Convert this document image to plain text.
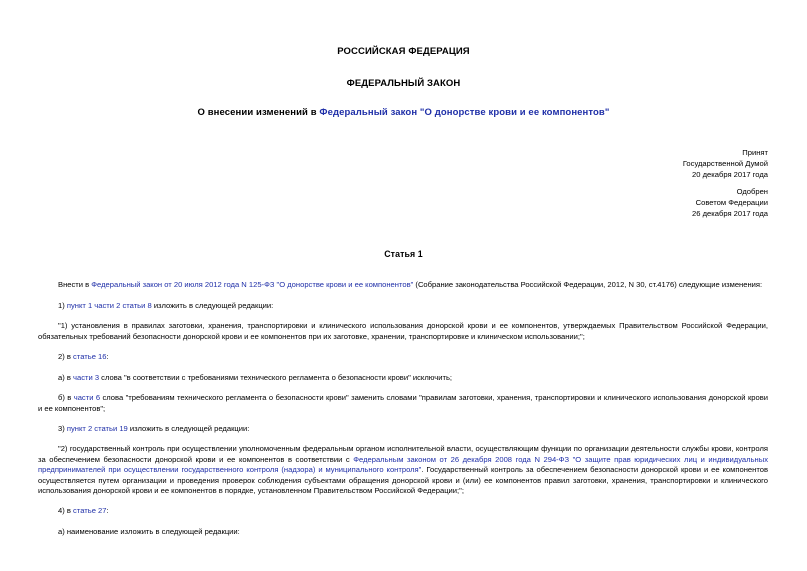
РОССИЙСКАЯ ФЕДЕРАЦИЯ
ФЕДЕРАЛЬНЫЙ ЗАКОН
О внесении изменений в Федеральный закон "О донорстве крови и ее компонентов"
Принят
Государственной Думой
20 декабря 2017 года
Одобрен
Советом Федерации
26 декабря 2017 года
Статья 1
Внести в Федеральный закон от 20 июля 2012 года N 125-ФЗ "О донорстве крови и ее компонентов" (Собрание законодательства Российской Федерации, 2012, N 30, ст.4176) следующие изменения:
1) пункт 1 части 2 статьи 8 изложить в следующей редакции:
"1) установления в правилах заготовки, хранения, транспортировки и клинического использования донорской крови и ее компонентов, утверждаемых Правительством Российской Федерации, обязательных требований безопасности донорской крови и ее компонентов при их заготовке, хранении, транспортировке и клиническом использовании;";
2) в статье 16:
а) в части 3 слова "в соответствии с требованиями технического регламента о безопасности крови" исключить;
б) в части 6 слова "требованиям технического регламента о безопасности крови" заменить словами "правилам заготовки, хранения, транспортировки и клинического использования донорской крови и ее компонентов";
3) пункт 2 статьи 19 изложить в следующей редакции:
"2) государственный контроль при осуществлении уполномоченным федеральным органом исполнительной власти, осуществляющим функции по организации деятельности службы крови, контроля за обеспечением безопасности донорской крови и ее компонентов в соответствии с Федеральным законом от 26 декабря 2008 года N 294-ФЗ "О защите прав юридических лиц и индивидуальных предпринимателей при осуществлении государственного контроля (надзора) и муниципального контроля". Государственный контроль за обеспечением безопасности донорской крови и ее компонентов осуществляется путем организации и проведения проверок соблюдения субъектами обращения донорской крови и (или) ее компонентов правил заготовки, хранения, транспортировки и клинического использования донорской крови и ее компонентов в порядке, установленном Правительством Российской Федерации;";
4) в статье 27:
а) наименование изложить в следующей редакции:
